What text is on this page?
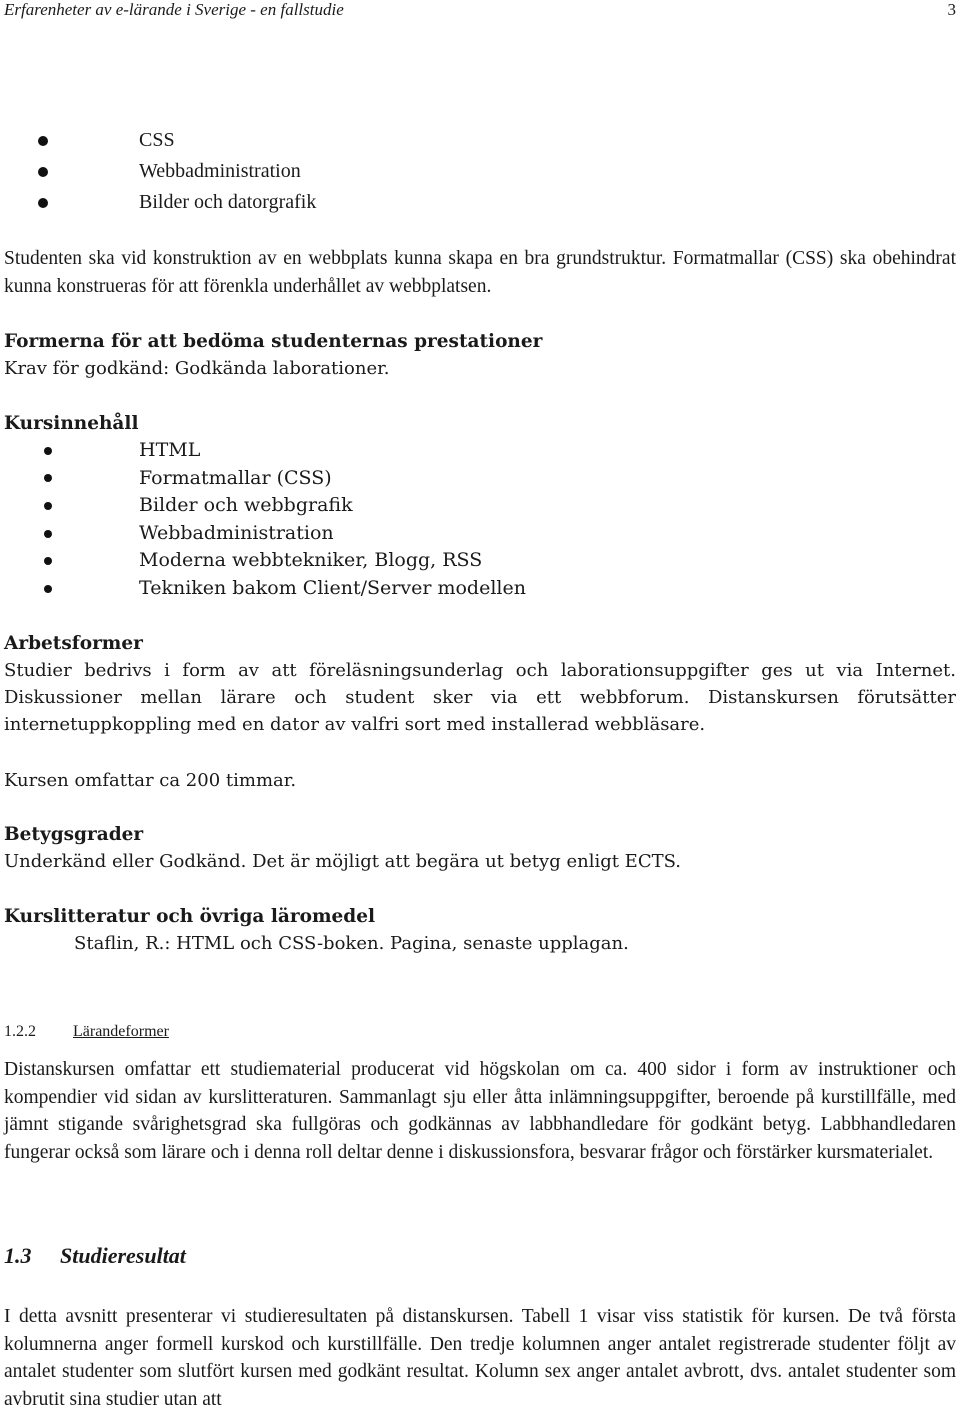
Erfarenheter av e-lärande i Sverige - en fallstudie	3
CSS
Webbadministration
Bilder och datorgrafik
Studenten ska vid konstruktion av en webbplats kunna skapa en bra grundstruktur. Formatmallar (CSS) ska obehindrat kunna konstrueras för att förenkla underhållet av webbplatsen.
Formerna för att bedöma studenternas prestationer
Krav för godkänd: Godkända laborationer.
Kursinnehåll
HTML
Formatmallar (CSS)
Bilder och webbgrafik
Webbadministration
Moderna webbtekniker, Blogg, RSS
Tekniken bakom Client/Server modellen
Arbetsformer
Studier bedrivs i form av att föreläsningsunderlag och laborationsuppgifter ges ut via Internet.
Diskussioner mellan lärare och student sker via ett webbforum. Distanskursen förutsätter
internetuppkoppling med en dator av valfri sort med installerad webbläsare.
Kursen omfattar ca 200 timmar.
Betygsgrader
Underkänd eller Godkänd. Det är möjligt att begära ut betyg enligt ECTS.
Kurslitteratur och övriga läromedel
Staflin, R.: HTML och CSS-boken. Pagina, senaste upplagan.
1.2.2 Lärandeformer
Distanskursen omfattar ett studiematerial producerat vid högskolan om ca. 400 sidor i form av instruktioner och kompendier vid sidan av kurslitteraturen. Sammanlagt sju eller åtta inlämningsuppgifter, beroende på kurstillfälle, med jämnt stigande svårighetsgrad ska fullgöras och godkännas av labbhandledare för godkänt betyg. Labbhandledaren fungerar också som lärare och i denna roll deltar denne i diskussionsfora, besvarar frågor och förstärker kursmaterialet.
1.3 Studieresultat
I detta avsnitt presenterar vi studieresultaten på distanskursen. Tabell 1 visar viss statistik för kursen. De två första kolumnerna anger formell kurskod och kurstillfälle. Den tredje kolumnen anger antalet registrerade studenter följt av antalet studenter som slutfört kursen med godkänt resultat. Kolumn sex anger antalet avbrott, dvs. antalet studenter som avbrutit sina studier utan att
